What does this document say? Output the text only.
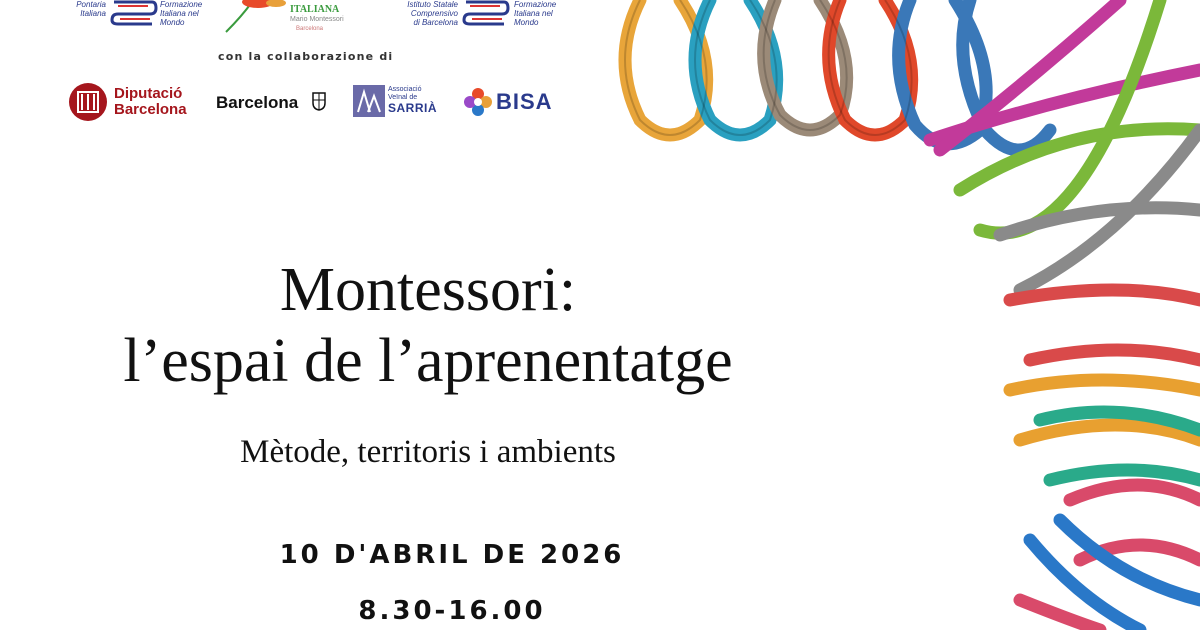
Pontaria
Italiana
Formazione
Italiana nel
Mondo
ITALIANA
Mario Montessori
Barcelona
Istituto Statale
Comprensivo
di Barcelona
Formazione
Italiana nel
Mondo
con la collaborazione di
Diputació
Barcelona Barcelona
Associació
Veïnal de
SARRIÀ	BISA
Montessori:
l’espai de l’aprenentatge
Mètode, territoris i ambients
10 D'ABRIL DE 2026
8.30-16.00
